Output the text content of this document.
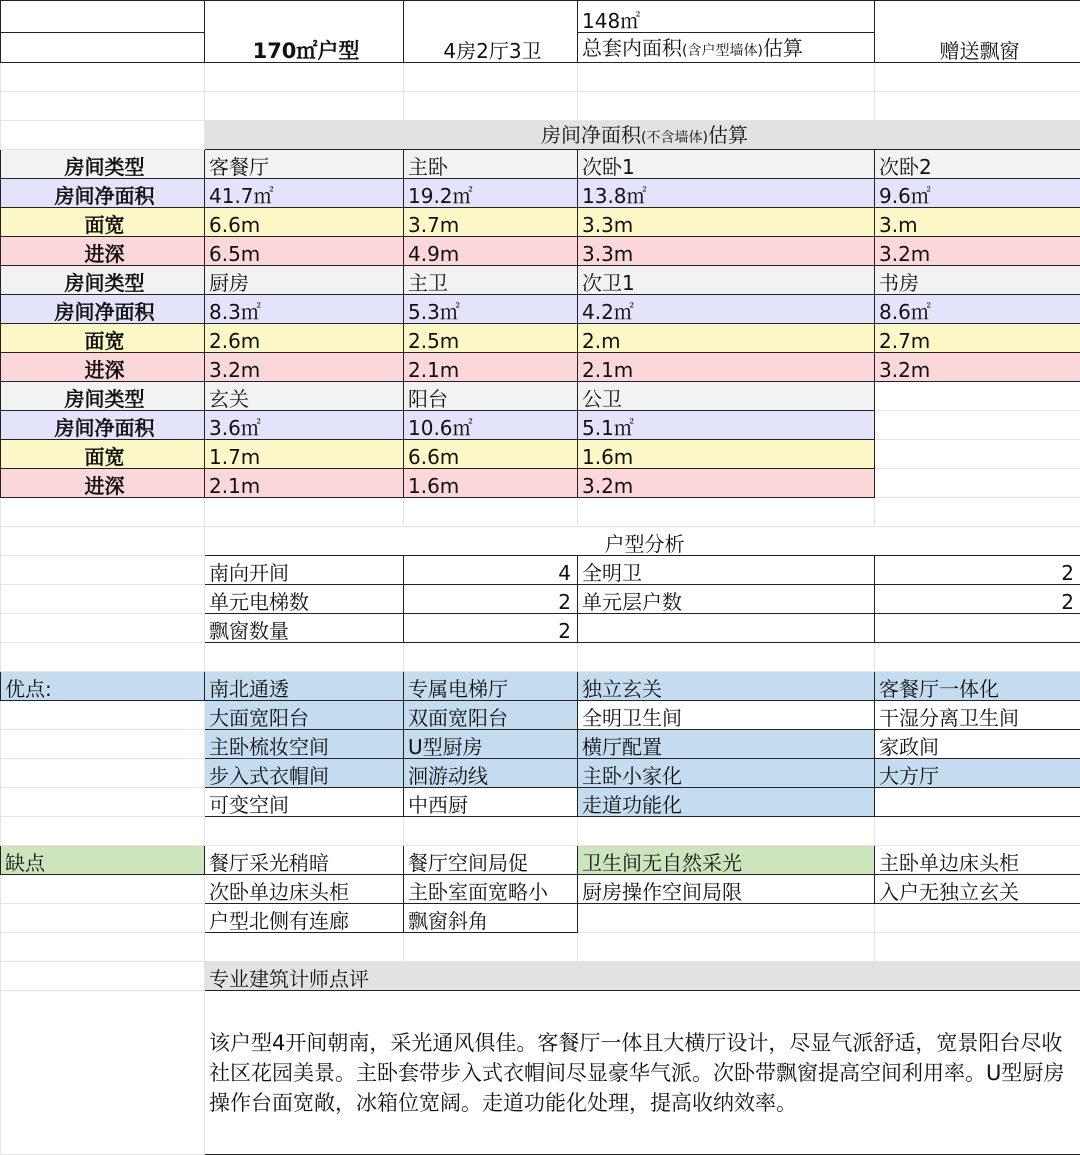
	170㎡户型	4房2厅3卫	148㎡	赠送飘窗
			总套内面积(含户型墙体)估算	

	房间净面积(不含墙体)估算			
房间类型	客餐厅	主卧	次卧1	次卧2
房间净面积	41.7㎡	19.2㎡	13.8㎡	9.6㎡
面宽	6.6m	3.7m	3.3m	3.m
进深	6.5m	4.9m	3.3m	3.2m
房间类型	厨房	主卫	次卫1	书房
房间净面积	8.3㎡	5.3㎡	4.2㎡	8.6㎡
面宽	2.6m	2.5m	2.m	2.7m
进深	3.2m	2.1m	2.1m	3.2m
房间类型	玄关	阳台	公卫	
房间净面积	3.6㎡	10.6㎡	5.1㎡	
面宽	1.7m	6.6m	1.6m	
进深	2.1m	1.6m	3.2m	

	户型分析			
	南向开间	4	全明卫	2
	单元电梯数	2	单元层户数	2
	飘窗数量	2		

优点:	南北通透	专属电梯厅	独立玄关	客餐厅一体化
	大面宽阳台	双面宽阳台	全明卫生间	干湿分离卫生间
	主卧梳妆空间	U型厨房	横厅配置	家政间
	步入式衣帽间	洄游动线	主卧小家化	大方厅
	可变空间	中西厨	走道功能化	

缺点	餐厅采光稍暗	餐厅空间局促	卫生间无自然采光	主卧单边床头柜
	次卧单边床头柜	主卧室面宽略小	厨房操作空间局限	入户无独立玄关
	户型北侧有连廊	飘窗斜角		

	专业建筑计师点评			
	该户型4开间朝南，采光通风俱佳。客餐厅一体且大横厅设计，尽显气派舒适，宽景阳台尽收社区花园美景。主卧套带步入式衣帽间尽显豪华气派。次卧带飘窗提高空间利用率。U型厨房操作台面宽敞，冰箱位宽阔。走道功能化处理，提高收纳效率。			
